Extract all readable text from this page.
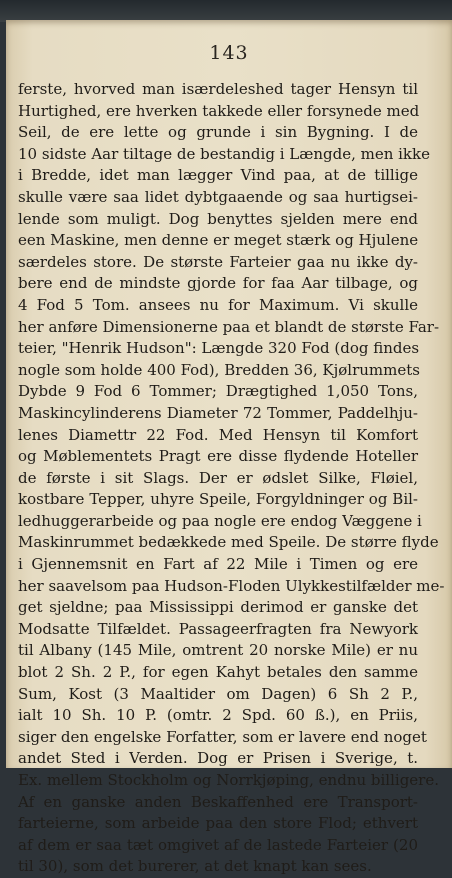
143
ferste, hvorved man isærdeleshed tager Hensyn til
Hurtighed, ere hverken takkede eller forsynede med
Seil, de ere lette og grunde i sin Bygning. I de
10 sidste Aar tiltage de bestandig i Længde, men ikke
i Bredde, idet man lægger Vind paa, at de tillige
skulle være saa lidet dybtgaaende og saa hurtigsei-
lende som muligt. Dog benyttes sjelden mere end
een Maskine, men denne er meget stærk og Hjulene
særdeles store. De største Farteier gaa nu ikke dy-
bere end de mindste gjorde for faa Aar tilbage, og
4 Fod 5 Tom. ansees nu for Maximum. Vi skulle
her anføre Dimensionerne paa et blandt de største Far-
teier, "Henrik Hudson": Længde 320 Fod (dog findes
nogle som holde 400 Fod), Bredden 36, Kjølrummets
Dybde 9 Fod 6 Tommer; Drægtighed 1,050 Tons,
Maskincylinderens Diameter 72 Tommer, Paddelhju-
lenes Diamettr 22 Fod. Med Hensyn til Komfort
og Møblementets Pragt ere disse flydende Hoteller
de første i sit Slags. Der er ødslet Silke, Fløiel,
kostbare Tepper, uhyre Speile, Forgyldninger og Bil-
ledhuggerarbeide og paa nogle ere endog Væggene i
Maskinrummet bedækkede med Speile. De større flyde
i Gjennemsnit en Fart af 22 Mile i Timen og ere
her saavelsom paa Hudson-Floden Ulykkestilfælder me-
get sjeldne; paa Mississippi derimod er ganske det
Modsatte Tilfældet. Passageerfragten fra Newyork
til Albany (145 Mile, omtrent 20 norske Mile) er nu
blot 2 Sh. 2 P., for egen Kahyt betales den samme
Sum, Kost (3 Maaltider om Dagen) 6 Sh 2 P.,
ialt 10 Sh. 10 P. (omtr. 2 Spd. 60 ß.), en Priis,
siger den engelske Forfatter, som er lavere end noget
andet Sted i Verden. Dog er Prisen i Sverige, t.
Ex. mellem Stockholm og Norrkjøping, endnu billigere.
Af en ganske anden Beskaffenhed ere Transport-
farteierne, som arbeide paa den store Flod; ethvert
af dem er saa tæt omgivet af de lastede Farteier (20
til 30), som det burerer, at det knapt kan sees.
